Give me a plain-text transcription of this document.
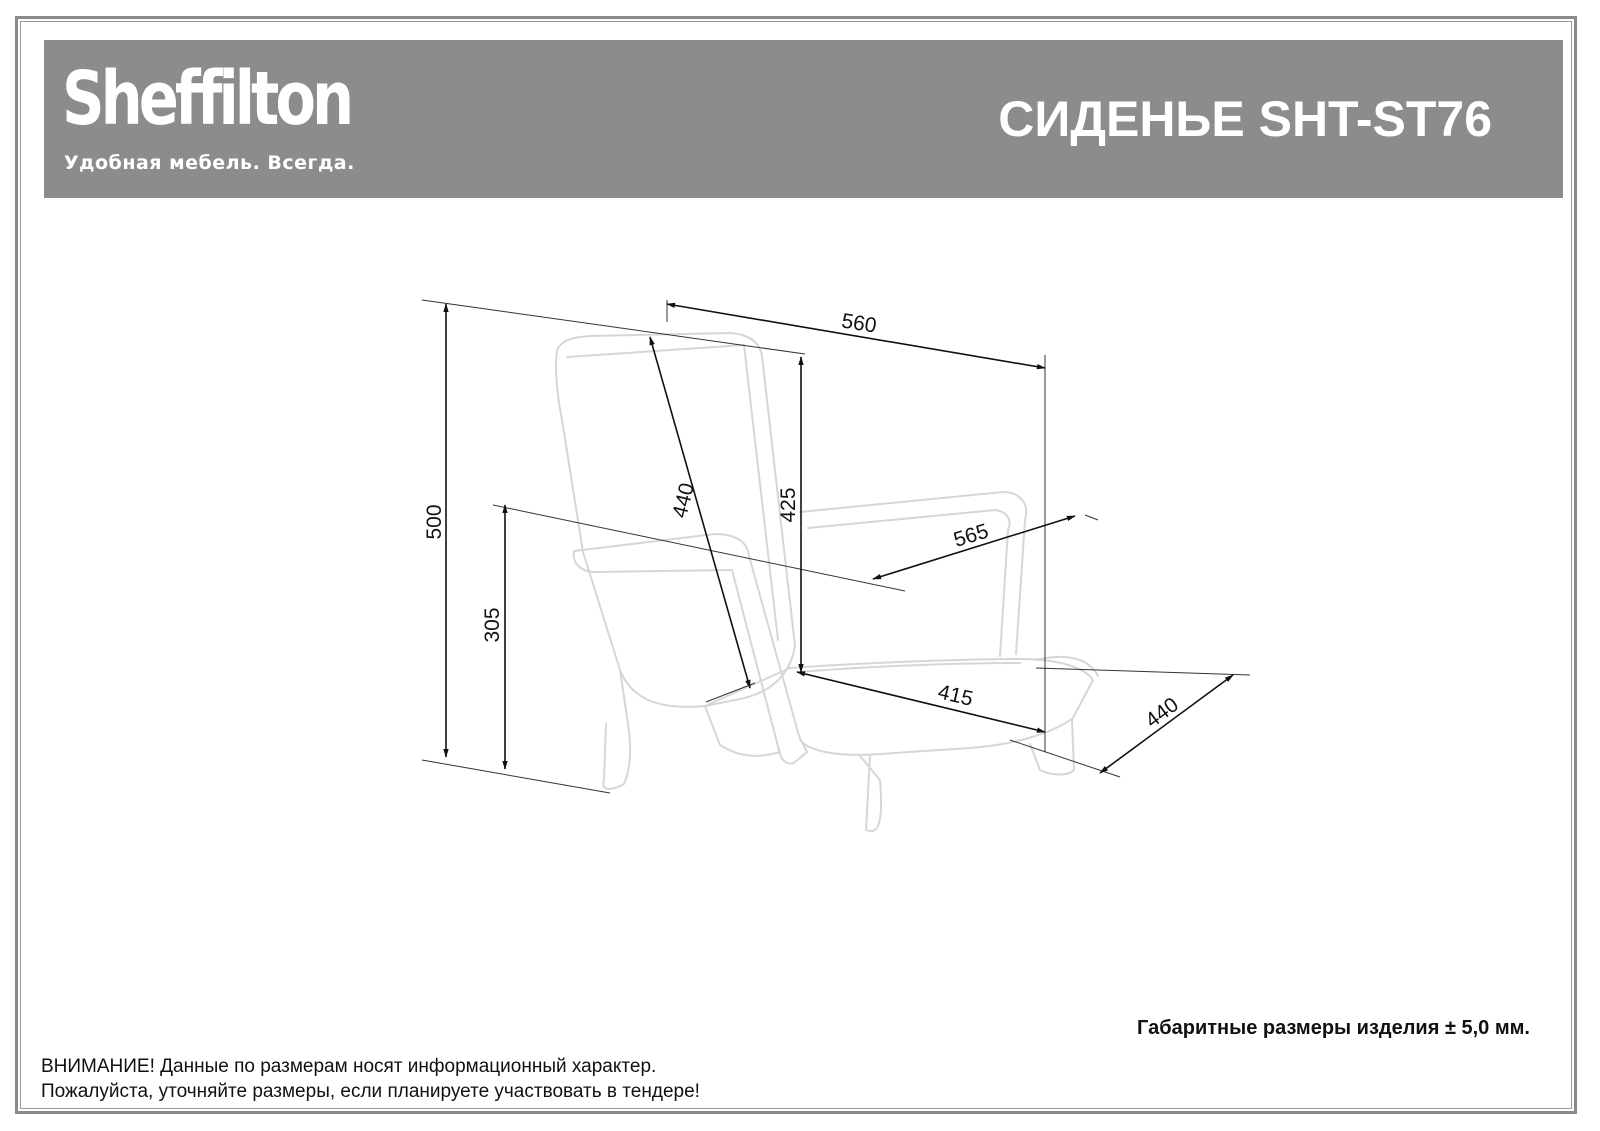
Sheffilton
Удобная мебель. Всегда.
СИДЕНЬЕ SHT-ST76
500
305
440	425
560
565
415	440
Габаритные размеры изделия ± 5,0 мм.
ВНИМАНИЕ! Данные по размерам носят информационный характер.
Пожалуйста, уточняйте размеры, если планируете участвовать в тендере!
